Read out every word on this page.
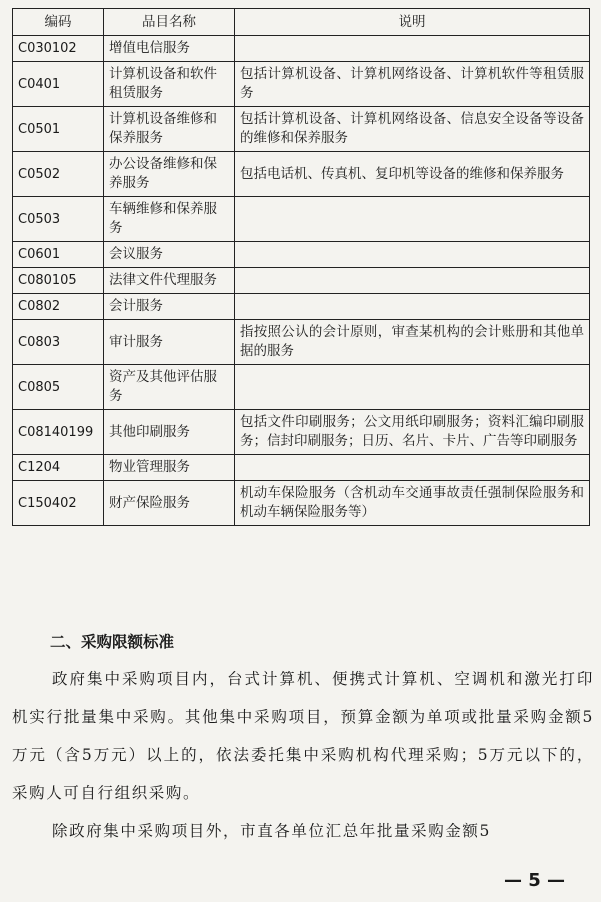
编码	品目名称	说明
C030102	增值电信服务	
C0401	计算机设备和软件租赁服务	包括计算机设备、计算机网络设备、计算机软件等租赁服务
C0501	计算机设备维修和保养服务	包括计算机设备、计算机网络设备、信息安全设备等设备的维修和保养服务
C0502	办公设备维修和保养服务	包括电话机、传真机、复印机等设备的维修和保养服务
C0503	车辆维修和保养服务	
C0601	会议服务	
C080105	法律文件代理服务	
C0802	会计服务	
C0803	审计服务	指按照公认的会计原则，审查某机构的会计账册和其他单据的服务
C0805	资产及其他评估服务	
C08140199	其他印刷服务	包括文件印刷服务；公文用纸印刷服务；资料汇编印刷服务；信封印刷服务；日历、名片、卡片、广告等印刷服务
C1204	物业管理服务	
C150402	财产保险服务	机动车保险服务（含机动车交通事故责任强制保险服务和机动车辆保险服务等）
二、采购限额标准
政府集中采购项目内，台式计算机、便携式计算机、空调机和激光打印机实行批量集中采购。其他集中采购项目，预算金额为单项或批量采购金额5万元（含5万元）以上的，依法委托集中采购机构代理采购；5万元以下的，采购人可自行组织采购。
除政府集中采购项目外，市直各单位汇总年批量采购金额5
— 5 —
